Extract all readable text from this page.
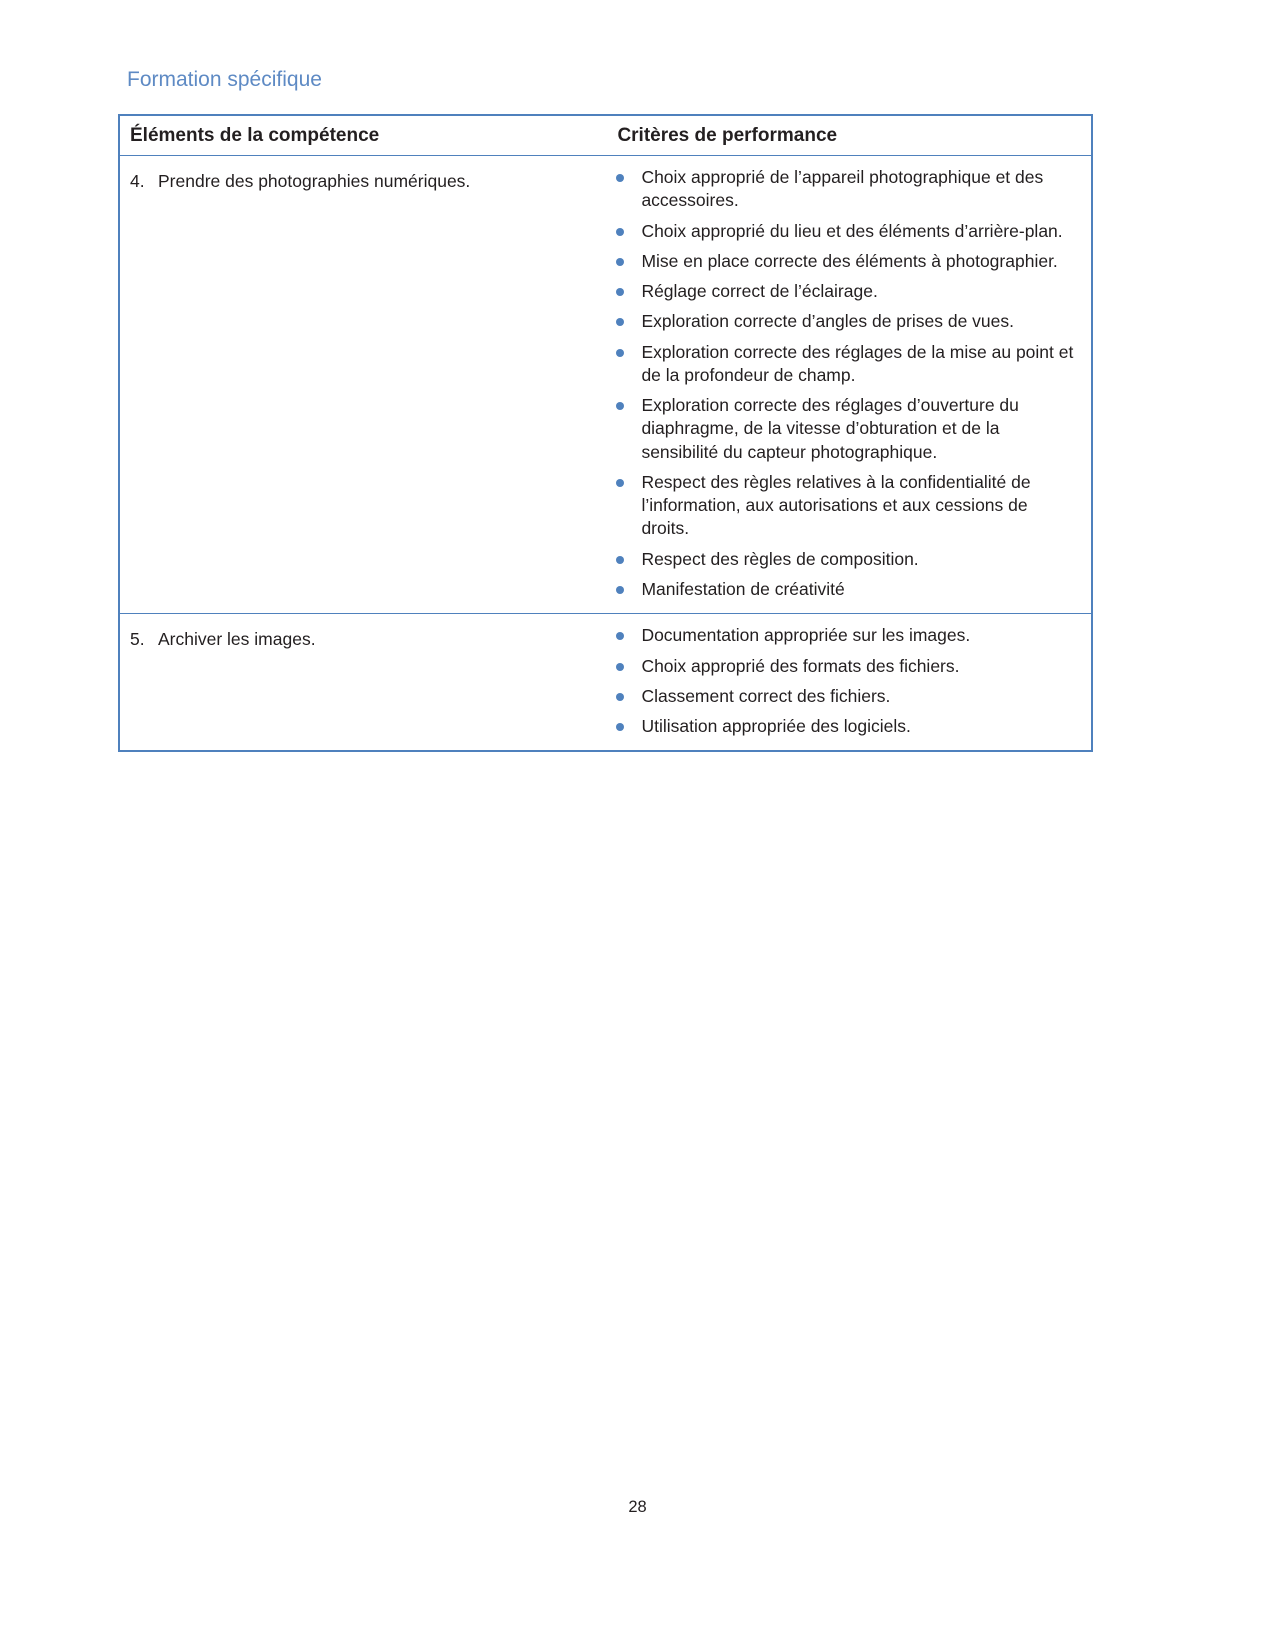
Formation spécifique
Éléments de la compétence	Critères de performance
4. Prendre des photographies numériques.	Choix approprié de l’appareil photographique et des accessoires.
Choix approprié du lieu et des éléments d’arrière-plan.
Mise en place correcte des éléments à photographier.
Réglage correct de l’éclairage.
Exploration correcte d’angles de prises de vues.
Exploration correcte des réglages de la mise au point et de la profondeur de champ.
Exploration correcte des réglages d’ouverture du diaphragme, de la vitesse d’obturation et de la sensibilité du capteur photographique.
Respect des règles relatives à la confidentialité de l’information, aux autorisations et aux cessions de droits.
Respect des règles de composition.
Manifestation de créativité
5. Archiver les images.	Documentation appropriée sur les images.
Choix approprié des formats des fichiers.
Classement correct des fichiers.
Utilisation appropriée des logiciels.
28
